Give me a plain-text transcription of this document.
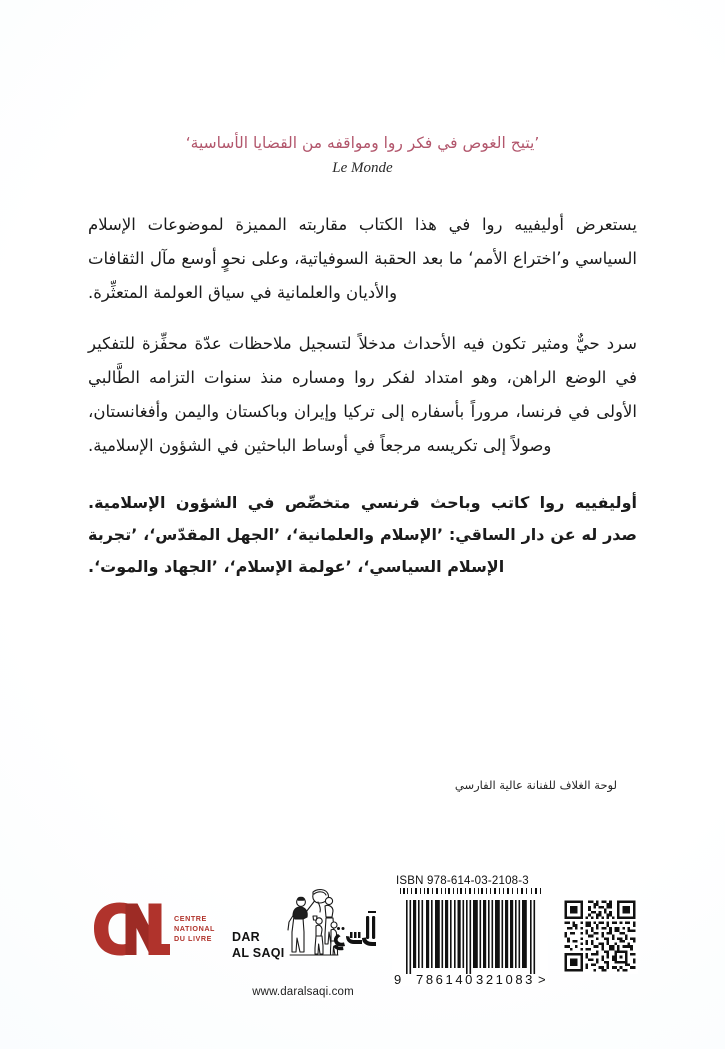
’يتيح الغوص في فكر روا ومواقفه من القضايا الأساسية‘
Le Monde

يستعرض أوليفييه روا في هذا الكتاب مقاربته المميزة لموضوعات الإسلام السياسي و’اختراع الأمم‘ ما بعد الحقبة السوفياتية، وعلى نحوٍ أوسع مآل الثقافات والأديان والعلمانية في سياق العولمة المتعثِّرة.

سرد حيٌّ ومثير تكون فيه الأحداث مدخلاً لتسجيل ملاحظات عدّة محفِّزة للتفكير في الوضع الراهن، وهو امتداد لفكر روا ومساره منذ سنوات التزامه الطَّالبي الأولى في فرنسا، مروراً بأسفاره إلى تركيا وإيران وباكستان واليمن وأفغانستان، وصولاً إلى تكريسه مرجعاً في أوساط الباحثين في الشؤون الإسلامية.

أوليفييه روا كاتب وباحث فرنسي متخصِّص في الشؤون الإسلامية. صدر له عن دار الساقي: ’الإسلام والعلمانية‘، ’الجهل المقدّس‘، ’تجربة الإسلام السياسي‘، ’عولمة الإسلام‘، ’الجهاد والموت‘.

لوحة الغلاف للفنانة عالية الفارسي
CENTRE
NATIONAL
DU LIVRE DAR
AL SAQI
www.daralsaqi.com
ISBN 978-614-03-2108-3
9 786140 321083 >
